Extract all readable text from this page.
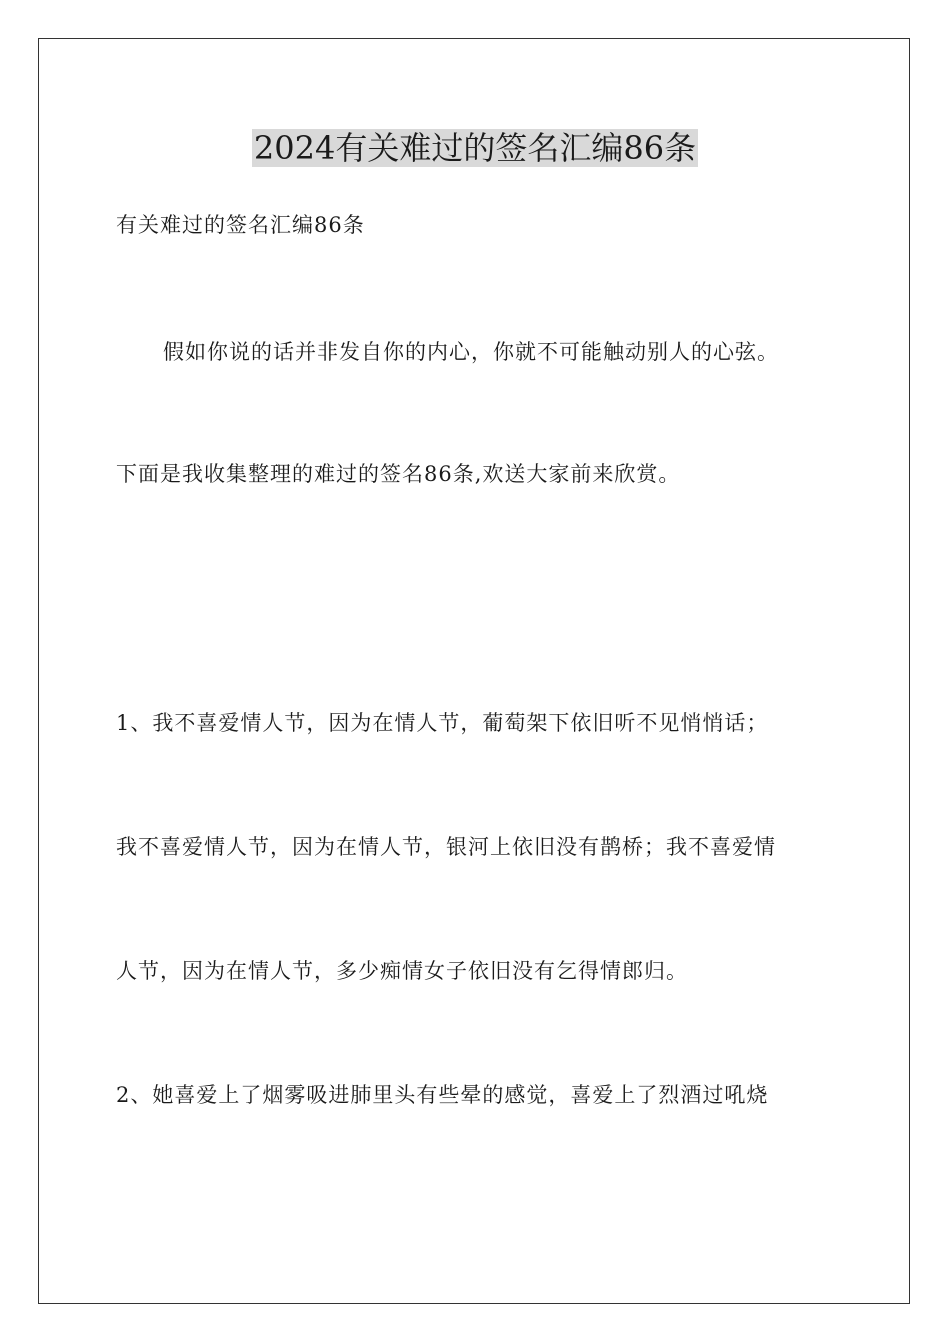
2024有关难过的签名汇编86条
有关难过的签名汇编86条
假如你说的话并非发自你的内心，你就不可能触动别人的心弦。
下面是我收集整理的难过的签名86条,欢送大家前来欣赏。
1、我不喜爱情人节，因为在情人节，葡萄架下依旧听不见悄悄话；
我不喜爱情人节，因为在情人节，银河上依旧没有鹊桥；我不喜爱情
人节，因为在情人节，多少痴情女子依旧没有乞得情郎归。
2、她喜爱上了烟雾吸进肺里头有些晕的感觉，喜爱上了烈酒过吼烧
